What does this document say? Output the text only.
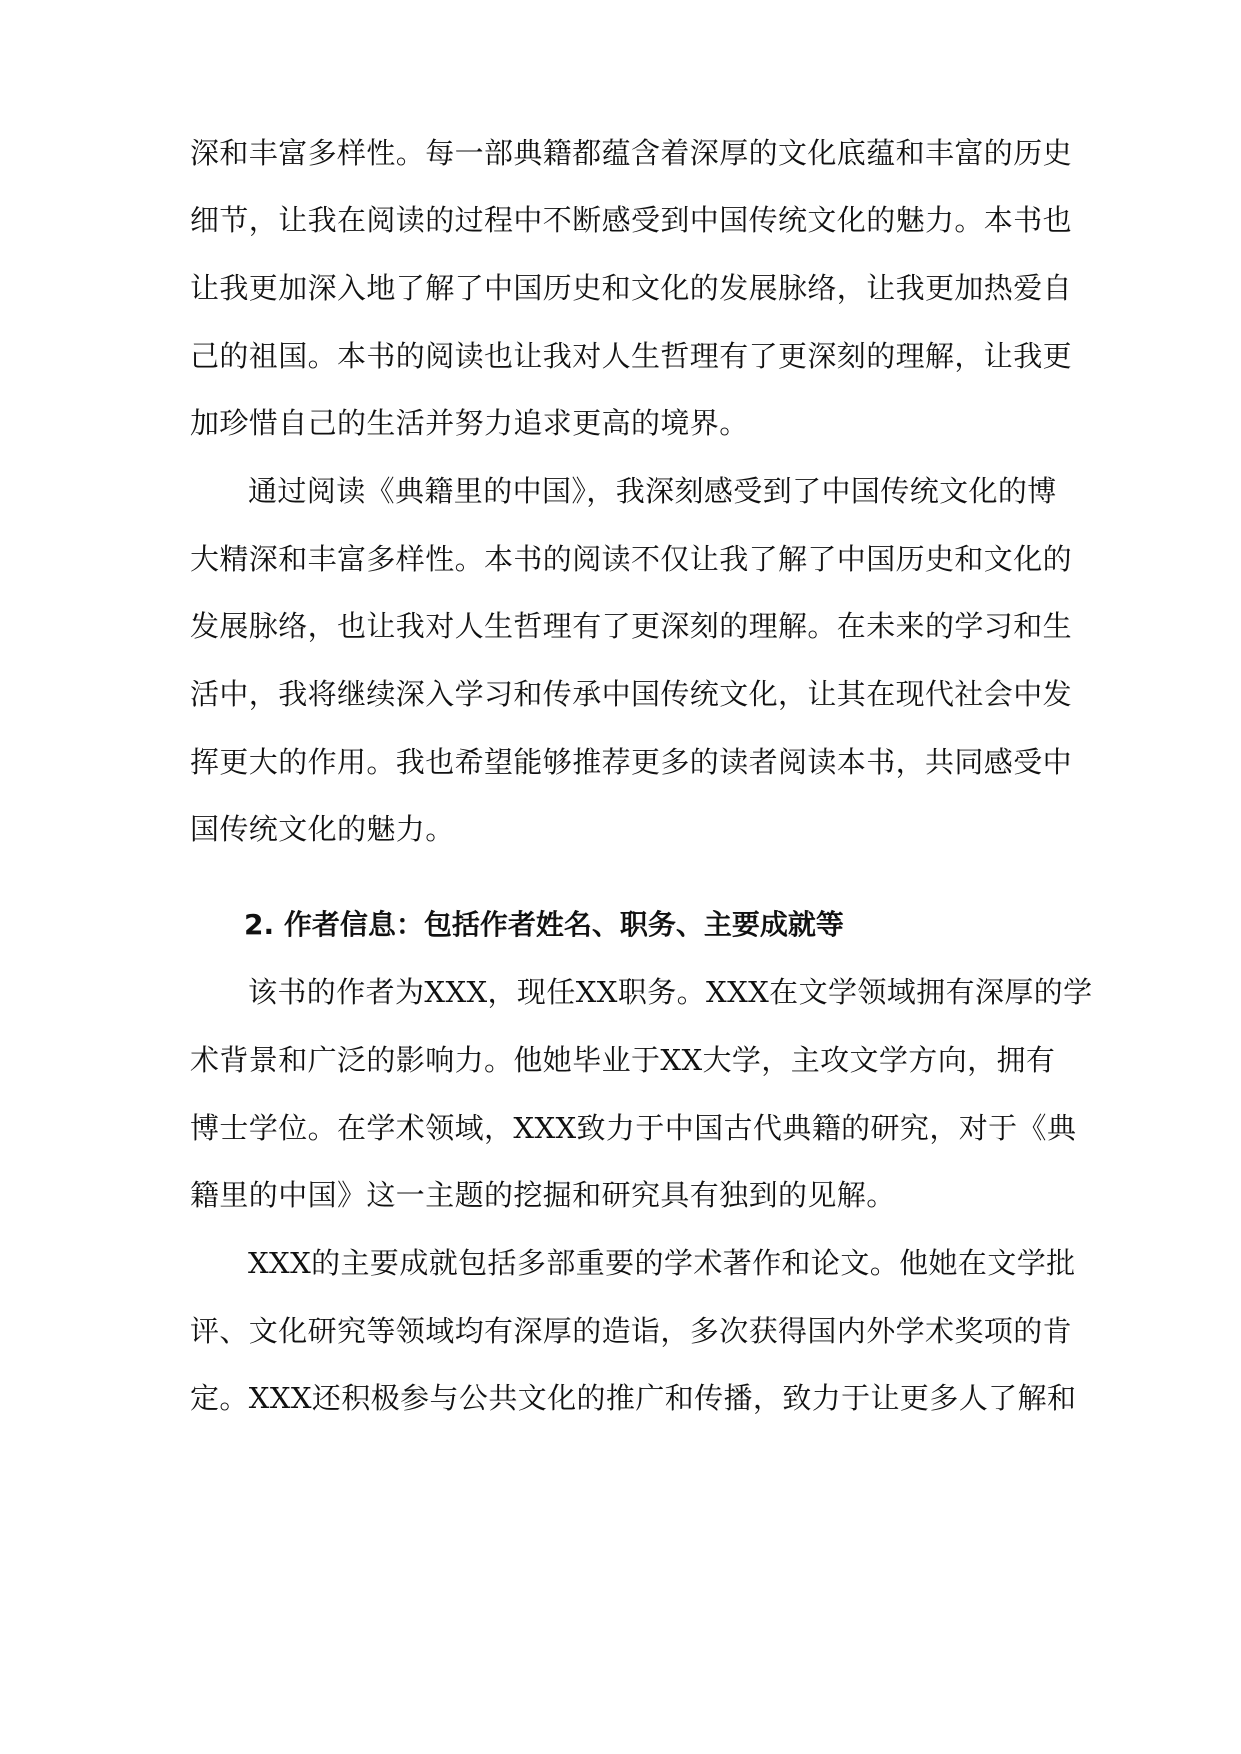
深和丰富多样性。每一部典籍都蕴含着深厚的文化底蕴和丰富的历史
细节，让我在阅读的过程中不断感受到中国传统文化的魅力。本书也
让我更加深入地了解了中国历史和文化的发展脉络，让我更加热爱自
己的祖国。本书的阅读也让我对人生哲理有了更深刻的理解，让我更
加珍惜自己的生活并努力追求更高的境界。
通过阅读《典籍里的中国》，我深刻感受到了中国传统文化的博
大精深和丰富多样性。本书的阅读不仅让我了解了中国历史和文化的
发展脉络，也让我对人生哲理有了更深刻的理解。在未来的学习和生
活中，我将继续深入学习和传承中国传统文化，让其在现代社会中发
挥更大的作用。我也希望能够推荐更多的读者阅读本书，共同感受中
国传统文化的魅力。
2. 作者信息：包括作者姓名、职务、主要成就等
该书的作者为XXX，现任XX职务。XXX在文学领域拥有深厚的学
术背景和广泛的影响力。他她毕业于XX大学，主攻文学方向，拥有
博士学位。在学术领域，XXX致力于中国古代典籍的研究，对于《典
籍里的中国》这一主题的挖掘和研究具有独到的见解。
XXX的主要成就包括多部重要的学术著作和论文。他她在文学批
评、文化研究等领域均有深厚的造诣，多次获得国内外学术奖项的肯
定。XXX还积极参与公共文化的推广和传播，致力于让更多人了解和
